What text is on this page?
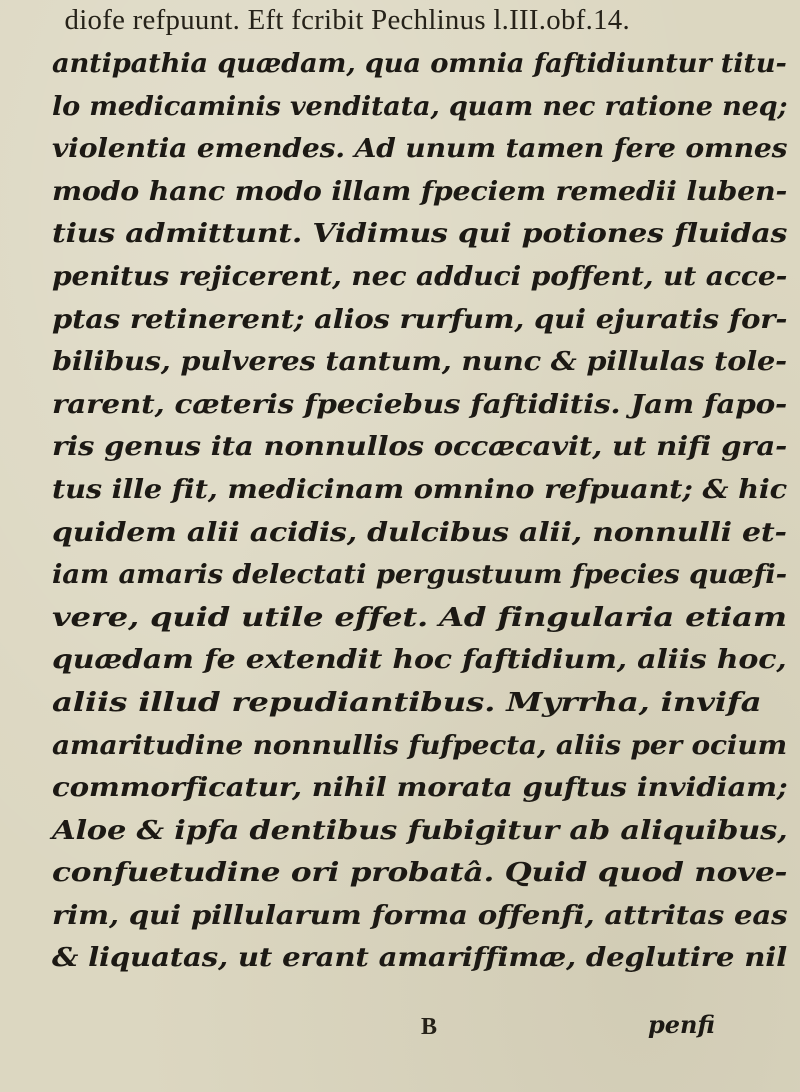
diofe refpuunt. Eft fcribit Pechlinus l.III.obf.14.
antipathia quædam, qua omnia faftidiuntur titu-
lo medicaminis venditata, quam nec ratione neq;
violentia emendes. Ad unum tamen fere omnes
modo hanc modo illam fpeciem remedii luben-
tius admittunt. Vidimus qui potiones fluidas
penitus rejicerent, nec adduci poffent, ut acce-
ptas retinerent; alios rurfum, qui ejuratis for-
bilibus, pulveres tantum, nunc & pillulas tole-
rarent, cæteris fpeciebus faftiditis. Jam fapo-
ris genus ita nonnullos occæcavit, ut nifi gra-
tus ille fit, medicinam omnino refpuant; & hic
quidem alii acidis, dulcibus alii, nonnulli et-
iam amaris delectati pergustuum fpecies quæfi-
vere, quid utile effet. Ad fingularia etiam
quædam fe extendit hoc faftidium, aliis hoc,
aliis illud repudiantibus. Myrrha, invifa
amaritudine nonnullis fufpecta, aliis per ocium
commorficatur, nihil morata guftus invidiam;
Aloe & ipfa dentibus fubigitur ab aliquibus,
confuetudine ori probatâ. Quid quod nove-
rim, qui pillularum forma offenfi, attritas eas
& liquatas, ut erant amariffimæ, deglutire nil
B	penfi
